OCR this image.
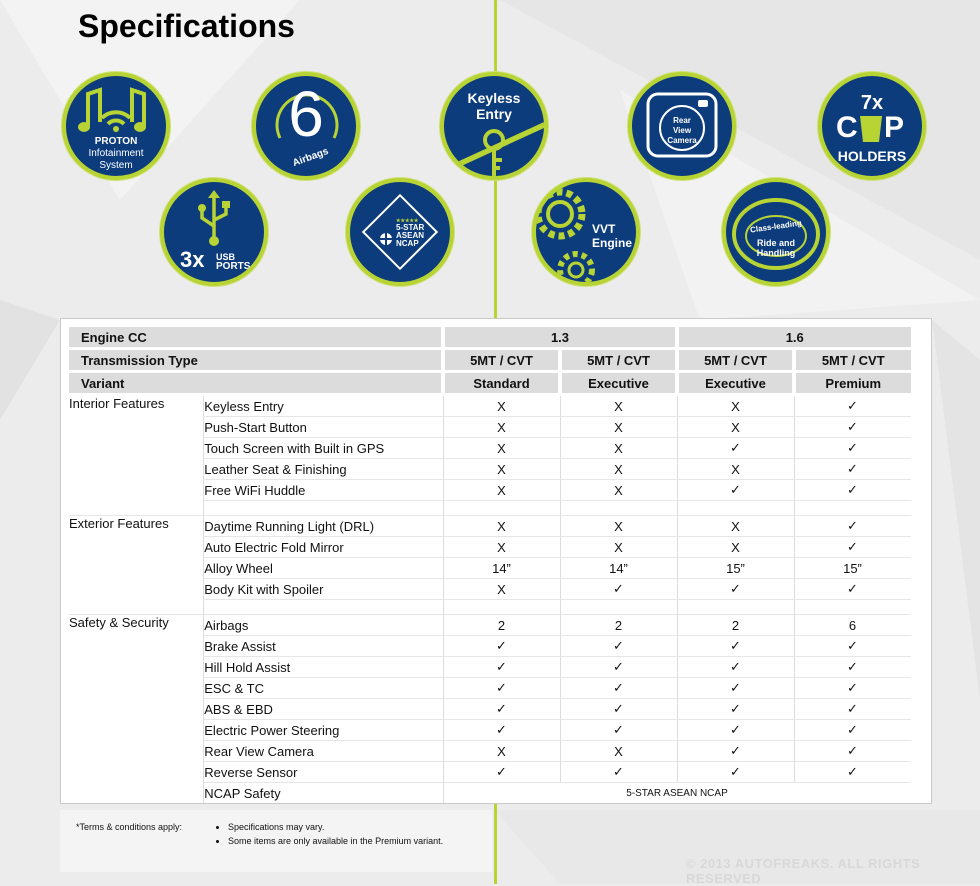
Specifications
PROTON
Infotainment
System
3x USB
PORTS
6
Airbags
★★★★★
5-STAR
ASEAN
NCAP
Keyless
Entry
VVT
Engine
Rear
View
Camera
Class-leading
Ride and
Handling
7x
C P
HOLDERS
Engine CC		1.3		1.6	
Transmission Type		5MT / CVT	5MT / CVT	5MT / CVT	5MT / CVT
Variant		Standard	Executive	Executive	Premium
Interior Features	Keyless Entry	X	X	X	✓
	Push-Start Button	X	X	X	✓
	Touch Screen with Built in GPS	X	X	✓	✓
	Leather Seat & Finishing	X	X	X	✓
	Free WiFi Huddle	X	X	✓	✓

Exterior Features	Daytime Running Light (DRL)	X	X	X	✓
	Auto Electric Fold Mirror	X	X	X	✓
	Alloy Wheel	14”	14”	15”	15”
	Body Kit with Spoiler	X	✓	✓	✓

Safety & Security	Airbags	2	2	2	6
	Brake Assist	✓	✓	✓	✓
	Hill Hold Assist	✓	✓	✓	✓
	ESC & TC	✓	✓	✓	✓
	ABS & EBD	✓	✓	✓	✓
	Electric Power Steering	✓	✓	✓	✓
	Rear View Camera	X	X	✓	✓
	Reverse Sensor	✓	✓	✓	✓
	NCAP Safety	5-STAR ASEAN NCAP			
*Terms & conditions apply:	• Specifications may vary.
• Some items are only available in the Premium variant.
© 2013 AUTOFREAKS. ALL RIGHTS RESERVED
